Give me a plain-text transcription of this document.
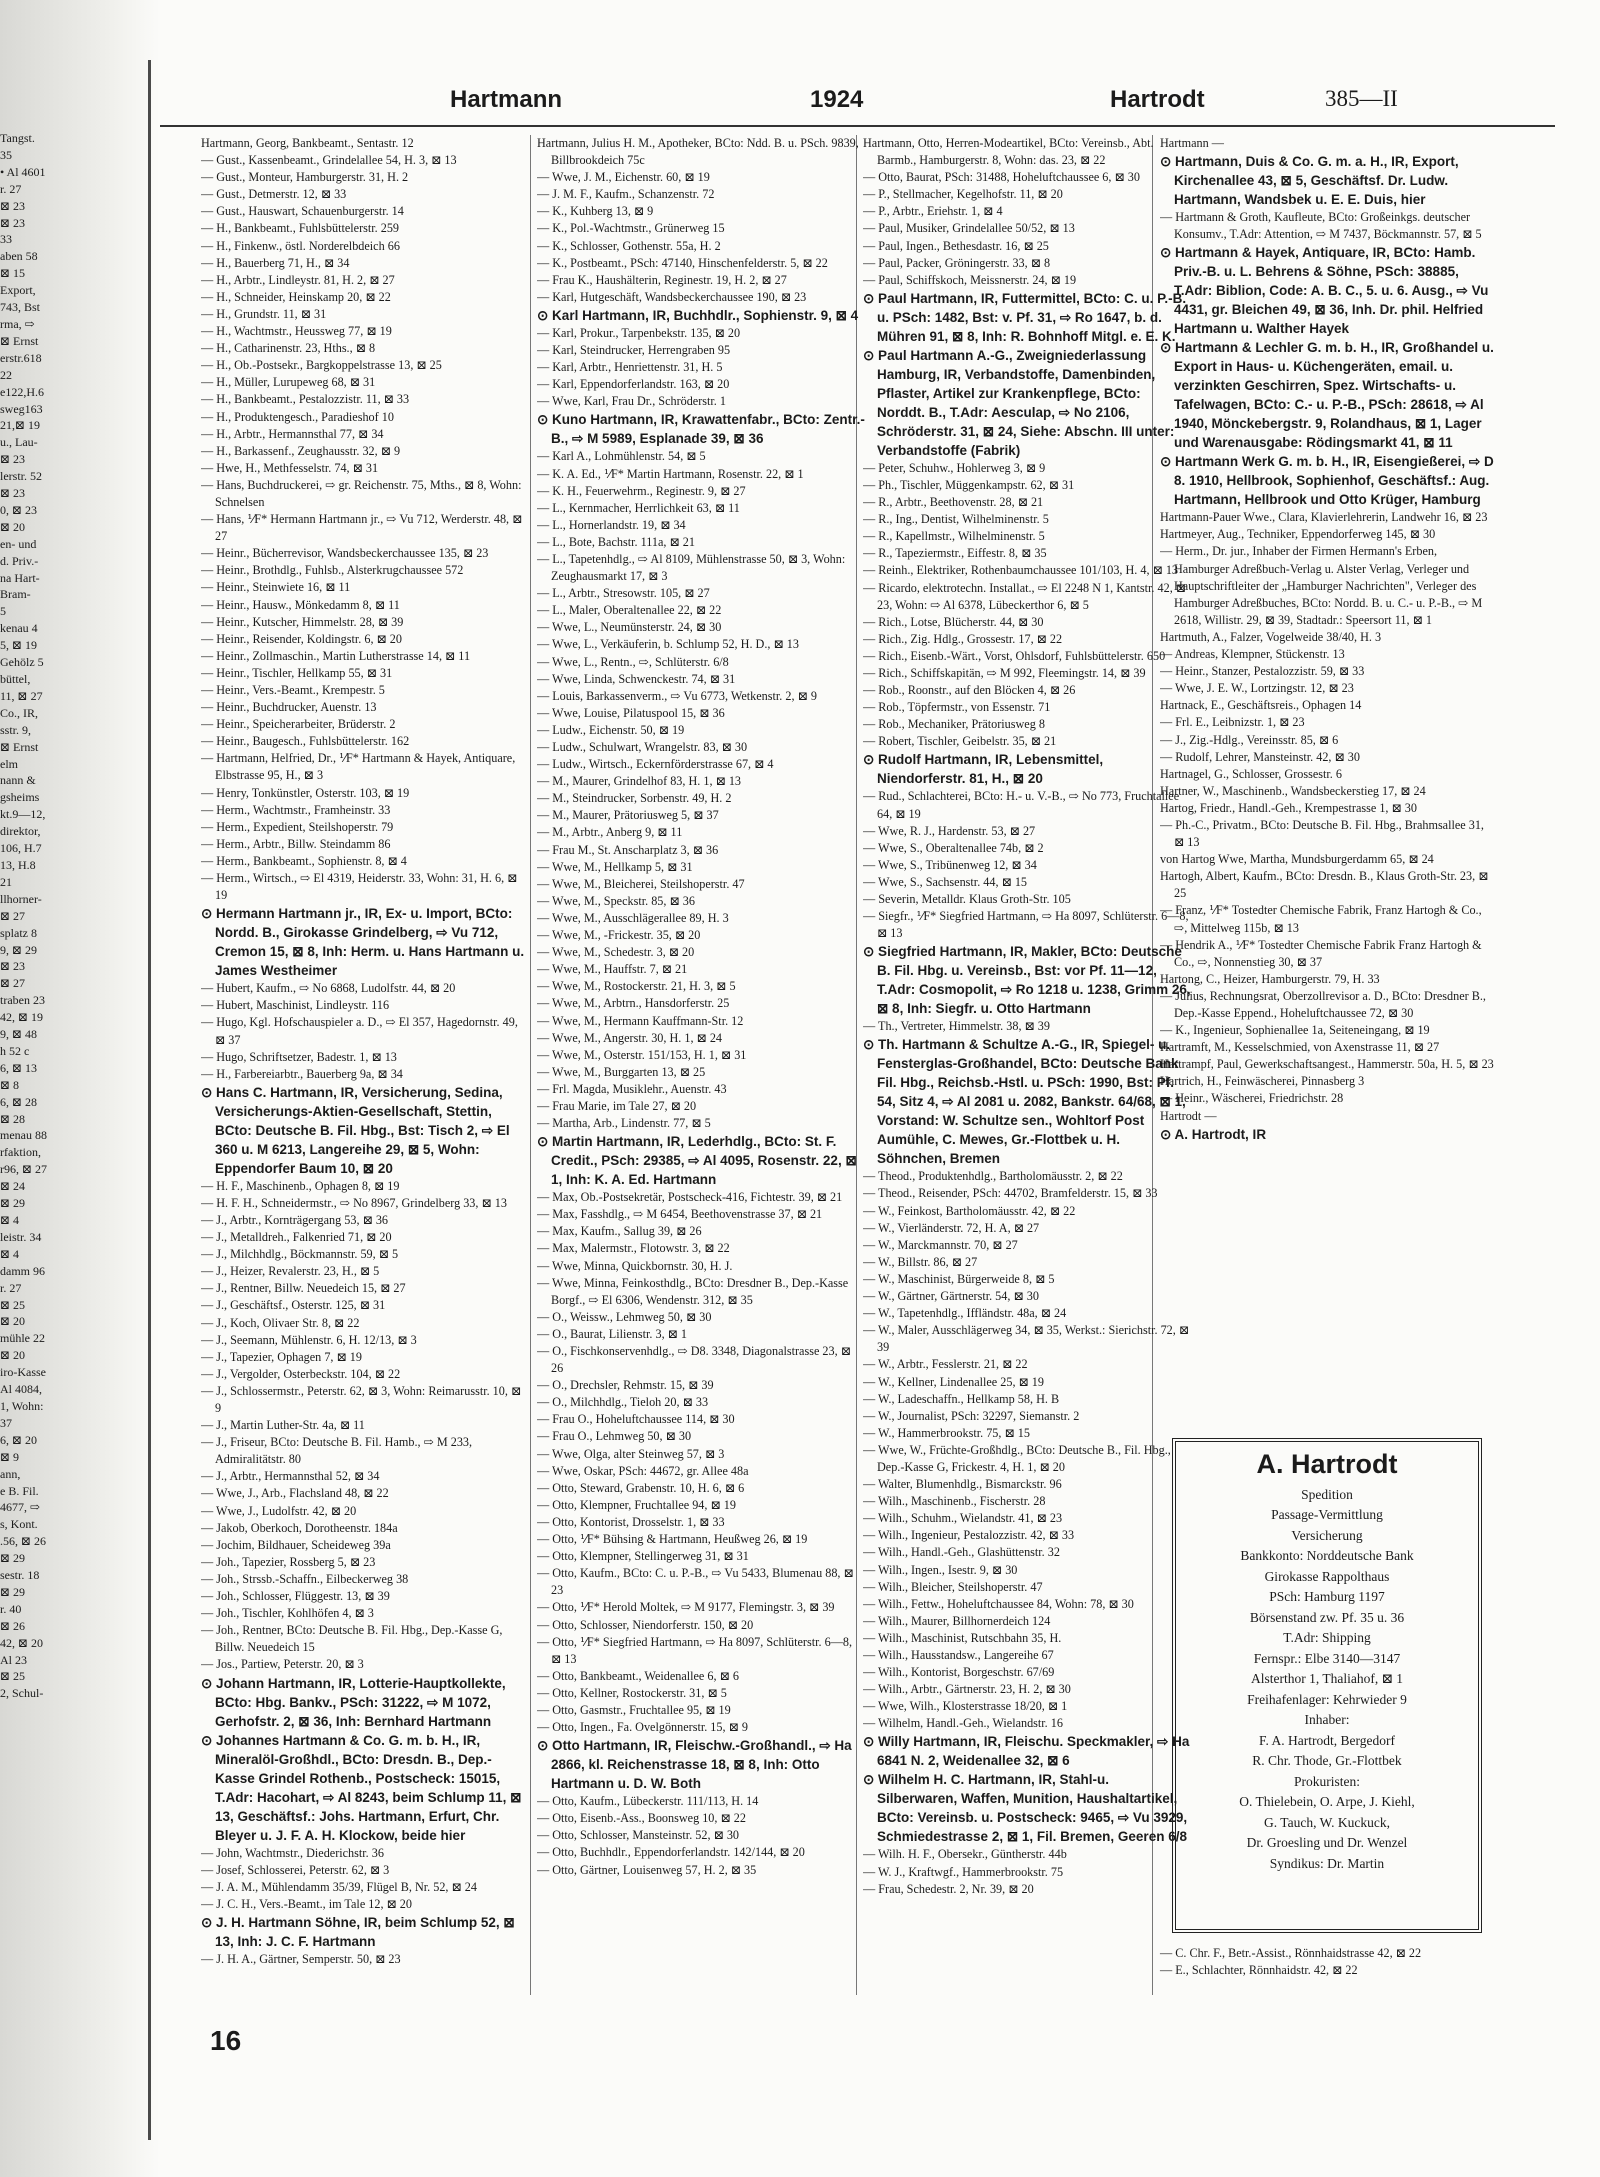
Tangst.
35
• Al 4601
r. 27
⊠ 23
⊠ 23
33
aben 58
⊠ 15
Export,
743, Bst
rma, ⇨
⊠ Ernst
erstr.618
22
e122,H.6
sweg163
21,⊠ 19
u., Lau-
⊠ 23
lerstr. 52
⊠ 23
0, ⊠ 23
⊠ 20
en- und
d. Priv.-
na Hart-
Bram-
5
kenau 4
5, ⊠ 19
Gehölz 5
büttel,
11, ⊠ 27
Co., IR,
sstr. 9,
⊠ Ernst
elm
nann &
gsheims
kt.9—12,
direktor,
106, H.7
13, H.8
21
llhorner-
⊠ 27
splatz 8
9, ⊠ 29
⊠ 23
⊠ 27
traben 23
42, ⊠ 19
9, ⊠ 48
h 52 c
6, ⊠ 13
⊠ 8
6, ⊠ 28
⊠ 28
menau 88
rfaktion,
r96, ⊠ 27
⊠ 24
⊠ 29
⊠ 4
leistr. 34
⊠ 4
damm 96
r. 27
⊠ 25
⊠ 20
mühle 22
⊠ 20
iro-Kasse
Al 4084,
1, Wohn:
37
6, ⊠ 20
⊠ 9
ann,
e B. Fil.
4677, ⇨
s, Kont.
.56, ⊠ 26
⊠ 29
sestr. 18
⊠ 29
r. 40
⊠ 26
42, ⊠ 20
Al 23
⊠ 25
2, Schul-
Hartmann	1924	Hartrodt	385—II

Hartmann, Georg, Bankbeamt., Sentastr. 12

— Gust., Kassenbeamt., Grindelallee 54, H. 3, ⊠ 13

— Gust., Monteur, Hamburgerstr. 31, H. 2

— Gust., Detmerstr. 12, ⊠ 33

— Gust., Hauswart, Schauenburgerstr. 14

— H., Bankbeamt., Fuhlsbüttelerstr. 259

— H., Finkenw., östl. Norderelbdeich 66

— H., Bauerberg 71, H., ⊠ 34

— H., Arbtr., Lindleystr. 81, H. 2, ⊠ 27

— H., Schneider, Heinskamp 20, ⊠ 22

— H., Grundstr. 11, ⊠ 31

— H., Wachtmstr., Heussweg 77, ⊠ 19

— H., Catharinenstr. 23, Hths., ⊠ 8

— H., Ob.-Postsekr., Bargkoppelstrasse 13, ⊠ 25

— H., Müller, Lurupeweg 68, ⊠ 31

— H., Bankbeamt., Pestalozzistr. 11, ⊠ 33

— H., Produktengesch., Paradieshof 10

— H., Arbtr., Hermannsthal 77, ⊠ 34

— H., Barkassenf., Zeughausstr. 32, ⊠ 9

— Hwe, H., Methfesselstr. 74, ⊠ 31

— Hans, Buchdruckerei, ⇨ gr. Reichenstr. 75, Mths., ⊠ 8, Wohn: Schnelsen

— Hans, ⅟F* Hermann Hartmann jr., ⇨ Vu 712, Werderstr. 48, ⊠ 27

— Heinr., Bücherrevisor, Wandsbeckerchaussee 135, ⊠ 23

— Heinr., Brothdlg., Fuhlsb., Alsterkrugchaussee 572

— Heinr., Steinwiete 16, ⊠ 11

— Heinr., Hausw., Mönkedamm 8, ⊠ 11

— Heinr., Kutscher, Himmelstr. 28, ⊠ 39

— Heinr., Reisender, Koldingstr. 6, ⊠ 20

— Heinr., Zollmaschin., Martin Lutherstrasse 14, ⊠ 11

— Heinr., Tischler, Hellkamp 55, ⊠ 31

— Heinr., Vers.-Beamt., Krempestr. 5

— Heinr., Buchdrucker, Auenstr. 13

— Heinr., Speicherarbeiter, Brüderstr. 2

— Heinr., Baugesch., Fuhlsbüttelerstr. 162

— Hartmann, Helfried, Dr., ⅟F* Hartmann & Hayek, Antiquare, Elbstrasse 95, H., ⊠ 3

— Henry, Tonkünstler, Osterstr. 103, ⊠ 19

— Herm., Wachtmstr., Framheinstr. 33

— Herm., Expedient, Steilshoperstr. 79

— Herm., Arbtr., Billw. Steindamm 86

— Herm., Bankbeamt., Sophienstr. 8, ⊠ 4

— Herm., Wirtsch., ⇨ El 4319, Heiderstr. 33, Wohn: 31, H. 6, ⊠ 19

⊙ Hermann Hartmann jr., IR, Ex- u. Import, BCto: Nordd. B., Girokasse Grindelberg, ⇨ Vu 712, Cremon 15, ⊠ 8, Inh: Herm. u. Hans Hartmann u. James Westheimer

— Hubert, Kaufm., ⇨ No 6868, Ludolfstr. 44, ⊠ 20

— Hubert, Maschinist, Lindleystr. 116

— Hugo, Kgl. Hofschauspieler a. D., ⇨ El 357, Hagedornstr. 49, ⊠ 37

— Hugo, Schriftsetzer, Badestr. 1, ⊠ 13

— H., Farbereiarbtr., Bauerberg 9a, ⊠ 34

⊙ Hans C. Hartmann, IR, Versicherung, Sedina, Versicherungs-Aktien-Gesellschaft, Stettin, BCto: Deutsche B. Fil. Hbg., Bst: Tisch 2, ⇨ El 360 u. M 6213, Langereihe 29, ⊠ 5, Wohn: Eppendorfer Baum 10, ⊠ 20

— H. F., Maschinenb., Ophagen 8, ⊠ 19

— H. F. H., Schneidermstr., ⇨ No 8967, Grindelberg 33, ⊠ 13

— J., Arbtr., Kornträgergang 53, ⊠ 36

— J., Metalldreh., Falkenried 71, ⊠ 20

— J., Milchhdlg., Böckmannstr. 59, ⊠ 5

— J., Heizer, Revalerstr. 23, H., ⊠ 5

— J., Rentner, Billw. Neuedeich 15, ⊠ 27

— J., Geschäftsf., Osterstr. 125, ⊠ 31

— J., Koch, Olivaer Str. 8, ⊠ 22

— J., Seemann, Mühlenstr. 6, H. 12/13, ⊠ 3

— J., Tapezier, Ophagen 7, ⊠ 19

— J., Vergolder, Osterbeckstr. 104, ⊠ 22

— J., Schlossermstr., Peterstr. 62, ⊠ 3, Wohn: Reimarusstr. 10, ⊠ 9

— J., Martin Luther-Str. 4a, ⊠ 11

— J., Friseur, BCto: Deutsche B. Fil. Hamb., ⇨ M 233, Admiralitätstr. 80

— J., Arbtr., Hermannsthal 52, ⊠ 34

— Wwe, J., Arb., Flachsland 48, ⊠ 22

— Wwe, J., Ludolfstr. 42, ⊠ 20

— Jakob, Oberkoch, Dorotheenstr. 184a

— Jochim, Bildhauer, Scheideweg 39a

— Joh., Tapezier, Rossberg 5, ⊠ 23

— Joh., Strssb.-Schaffn., Eilbeckerweg 38

— Joh., Schlosser, Flüggestr. 13, ⊠ 39

— Joh., Tischler, Kohlhöfen 4, ⊠ 3

— Joh., Rentner, BCto: Deutsche B. Fil. Hbg., Dep.-Kasse G, Billw. Neuedeich 15

— Jos., Partiew, Peterstr. 20, ⊠ 3

⊙ Johann Hartmann, IR, Lotterie-Hauptkollekte, BCto: Hbg. Bankv., PSch: 31222, ⇨ M 1072, Gerhofstr. 2, ⊠ 36, Inh: Bernhard Hartmann

⊙ Johannes Hartmann & Co. G. m. b. H., IR, Mineralöl-Großhdl., BCto: Dresdn. B., Dep.-Kasse Grindel Rothenb., Postscheck: 15015, T.Adr: Hacohart, ⇨ Al 8243, beim Schlump 11, ⊠ 13, Geschäftsf.: Johs. Hartmann, Erfurt, Chr. Bleyer u. J. F. A. H. Klockow, beide hier

— John, Wachtmstr., Diederichstr. 36

— Josef, Schlosserei, Peterstr. 62, ⊠ 3

— J. A. M., Mühlendamm 35/39, Flügel B, Nr. 52, ⊠ 24

— J. C. H., Vers.-Beamt., im Tale 12, ⊠ 20

⊙ J. H. Hartmann Söhne, IR, beim Schlump 52, ⊠ 13, Inh: J. C. F. Hartmann

— J. H. A., Gärtner, Semperstr. 50, ⊠ 23

Hartmann, Julius H. M., Apotheker, BCto: Ndd. B. u. PSch. 9839, Billbrookdeich 75c

— Wwe, J. M., Eichenstr. 60, ⊠ 19

— J. M. F., Kaufm., Schanzenstr. 72

— K., Kuhberg 13, ⊠ 9

— K., Pol.-Wachtmstr., Grünerweg 15

— K., Schlosser, Gothenstr. 55a, H. 2

— K., Postbeamt., PSch: 47140, Hinschenfelderstr. 5, ⊠ 22

— Frau K., Haushälterin, Reginestr. 19, H. 2, ⊠ 27

— Karl, Hutgeschäft, Wandsbeckerchaussee 190, ⊠ 23

⊙ Karl Hartmann, IR, Buchhdlr., Sophienstr. 9, ⊠ 4

— Karl, Prokur., Tarpenbekstr. 135, ⊠ 20

— Karl, Steindrucker, Herrengraben 95

— Karl, Arbtr., Henriettenstr. 31, H. 5

— Karl, Eppendorferlandstr. 163, ⊠ 20

— Wwe, Karl, Frau Dr., Schröderstr. 1

⊙ Kuno Hartmann, IR, Krawattenfabr., BCto: Zentr.-B., ⇨ M 5989, Esplanade 39, ⊠ 36

— Karl A., Lohmühlenstr. 54, ⊠ 5

— K. A. Ed., ⅟F* Martin Hartmann, Rosenstr. 22, ⊠ 1

— K. H., Feuerwehrm., Reginestr. 9, ⊠ 27

— L., Kernmacher, Herrlichkeit 63, ⊠ 11

— L., Hornerlandstr. 19, ⊠ 34

— L., Bote, Bachstr. 111a, ⊠ 21

— L., Tapetenhdlg., ⇨ Al 8109, Mühlenstrasse 50, ⊠ 3, Wohn: Zeughausmarkt 17, ⊠ 3

— L., Arbtr., Stresowstr. 105, ⊠ 27

— L., Maler, Oberaltenallee 22, ⊠ 22

— Wwe, L., Neumünsterstr. 24, ⊠ 30

— Wwe, L., Verkäuferin, b. Schlump 52, H. D., ⊠ 13

— Wwe, L., Rentn., ⇨, Schlüterstr. 6/8

— Wwe, Linda, Schwenckestr. 74, ⊠ 31

— Louis, Barkassenverm., ⇨ Vu 6773, Wetkenstr. 2, ⊠ 9

— Wwe, Louise, Pilatuspool 15, ⊠ 36

— Ludw., Eichenstr. 50, ⊠ 19

— Ludw., Schulwart, Wrangelstr. 83, ⊠ 30

— Ludw., Wirtsch., Eckernförderstrasse 67, ⊠ 4

— M., Maurer, Grindelhof 83, H. 1, ⊠ 13

— M., Steindrucker, Sorbenstr. 49, H. 2

— M., Maurer, Prätoriusweg 5, ⊠ 37

— M., Arbtr., Anberg 9, ⊠ 11

— Frau M., St. Anscharplatz 3, ⊠ 36

— Wwe, M., Hellkamp 5, ⊠ 31

— Wwe, M., Bleicherei, Steilshoperstr. 47

— Wwe, M., Speckstr. 85, ⊠ 36

— Wwe, M., Ausschlägerallee 89, H. 3

— Wwe, M., -Frickestr. 35, ⊠ 20

— Wwe, M., Schedestr. 3, ⊠ 20

— Wwe, M., Hauffstr. 7, ⊠ 21

— Wwe, M., Rostockerstr. 21, H. 3, ⊠ 5

— Wwe, M., Arbtrn., Hansdorferstr. 25

— Wwe, M., Hermann Kauffmann-Str. 12

— Wwe, M., Angerstr. 30, H. 1, ⊠ 24

— Wwe, M., Osterstr. 151/153, H. 1, ⊠ 31

— Wwe, M., Burggarten 13, ⊠ 25

— Frl. Magda, Musiklehr., Auenstr. 43

— Frau Marie, im Tale 27, ⊠ 20

— Martha, Arb., Lindenstr. 77, ⊠ 5

⊙ Martin Hartmann, IR, Lederhdlg., BCto: St. F. Credit., PSch: 29385, ⇨ Al 4095, Rosenstr. 22, ⊠ 1, Inh: K. A. Ed. Hartmann

— Max, Ob.-Postsekretär, Postscheck-416, Fichtestr. 39, ⊠ 21

— Max, Fasshdlg., ⇨ M 6454, Beethovenstrasse 37, ⊠ 21

— Max, Kaufm., Sallug 39, ⊠ 26

— Max, Malermstr., Flotowstr. 3, ⊠ 22

— Wwe, Minna, Quickbornstr. 30, H. J.

— Wwe, Minna, Feinkosthdlg., BCto: Dresdner B., Dep.-Kasse Borgf., ⇨ El 6306, Wendenstr. 312, ⊠ 35

— O., Weissw., Lehmweg 50, ⊠ 30

— O., Baurat, Lilienstr. 3, ⊠ 1

— O., Fischkonservenhdlg., ⇨ D8. 3348, Diagonalstrasse 23, ⊠ 26

— O., Drechsler, Rehmstr. 15, ⊠ 39

— O., Milchhdlg., Tieloh 20, ⊠ 33

— Frau O., Hoheluftchaussee 114, ⊠ 30

— Frau O., Lehmweg 50, ⊠ 30

— Wwe, Olga, alter Steinweg 57, ⊠ 3

— Wwe, Oskar, PSch: 44672, gr. Allee 48a

— Otto, Steward, Grabenstr. 10, H. 6, ⊠ 6

— Otto, Klempner, Fruchtallee 94, ⊠ 19

— Otto, Kontorist, Drosselstr. 1, ⊠ 33

— Otto, ⅟F* Bühsing & Hartmann, Heußweg 26, ⊠ 19

— Otto, Klempner, Stellingerweg 31, ⊠ 31

— Otto, Kaufm., BCto: C. u. P.-B., ⇨ Vu 5433, Blumenau 88, ⊠ 23

— Otto, ⅟F* Herold Moltek, ⇨ M 9177, Flemingstr. 3, ⊠ 39

— Otto, Schlosser, Niendorferstr. 150, ⊠ 20

— Otto, ⅟F* Siegfried Hartmann, ⇨ Ha 8097, Schlüterstr. 6—8, ⊠ 13

— Otto, Bankbeamt., Weidenallee 6, ⊠ 6

— Otto, Kellner, Rostockerstr. 31, ⊠ 5

— Otto, Gasmstr., Fruchtallee 95, ⊠ 19

— Otto, Ingen., Fa. Ovelgönnerstr. 15, ⊠ 9

⊙ Otto Hartmann, IR, Fleischw.-Großhandl., ⇨ Ha 2866, kl. Reichenstrasse 18, ⊠ 8, Inh: Otto Hartmann u. D. W. Both

— Otto, Kaufm., Lübeckerstr. 111/113, H. 14

— Otto, Eisenb.-Ass., Boonsweg 10, ⊠ 22

— Otto, Schlosser, Mansteinstr. 52, ⊠ 30

— Otto, Buchhdlr., Eppendorferlandstr. 142/144, ⊠ 20

— Otto, Gärtner, Louisenweg 57, H. 2, ⊠ 35

Hartmann, Otto, Herren-Modeartikel, BCto: Vereinsb., Abt. Barmb., Hamburgerstr. 8, Wohn: das. 23, ⊠ 22

— Otto, Baurat, PSch: 31488, Hoheluftchaussee 6, ⊠ 30

— P., Stellmacher, Kegelhofstr. 11, ⊠ 20

— P., Arbtr., Eriehstr. 1, ⊠ 4

— Paul, Musiker, Grindelallee 50/52, ⊠ 13

— Paul, Ingen., Bethesdastr. 16, ⊠ 25

— Paul, Packer, Gröningerstr. 33, ⊠ 8

— Paul, Schiffskoch, Meissnerstr. 24, ⊠ 19

⊙ Paul Hartmann, IR, Futtermittel, BCto: C. u. P.-B. u. PSch: 1482, Bst: v. Pf. 31, ⇨ Ro 1647, b. d. Mühren 91, ⊠ 8, Inh: R. Bohnhoff Mitgl. e. E. K.

⊙ Paul Hartmann A.-G., Zweigniederlassung Hamburg, IR, Verbandstoffe, Damenbinden, Pflaster, Artikel zur Krankenpflege, BCto: Norddt. B., T.Adr: Aesculap, ⇨ No 2106, Schröderstr. 31, ⊠ 24, Siehe: Abschn. III unter: Verbandstoffe (Fabrik)

— Peter, Schuhw., Hohlerweg 3, ⊠ 9

— Ph., Tischler, Müggenkampstr. 62, ⊠ 31

— R., Arbtr., Beethovenstr. 28, ⊠ 21

— R., Ing., Dentist, Wilhelminenstr. 5

— R., Kapellmstr., Wilhelminenstr. 5

— R., Tapeziermstr., Eiffestr. 8, ⊠ 35

— Reinh., Elektriker, Rothenbaumchaussee 101/103, H. 4, ⊠ 13

— Ricardo, elektrotechn. Installat., ⇨ El 2248 N 1, Kantstr. 42, ⊠ 23, Wohn: ⇨ Al 6378, Lübeckerthor 6, ⊠ 5

— Rich., Lotse, Blücherstr. 44, ⊠ 30

— Rich., Zig. Hdlg., Grossestr. 17, ⊠ 22

— Rich., Eisenb.-Wärt., Vorst, Ohlsdorf, Fuhlsbüttelerstr. 650

— Rich., Schiffskapitän, ⇨ M 992, Fleemingstr. 14, ⊠ 39

— Rob., Roonstr., auf den Blöcken 4, ⊠ 26

— Rob., Töpfermstr., von Essenstr. 71

— Rob., Mechaniker, Prätoriusweg 8

— Robert, Tischler, Geibelstr. 35, ⊠ 21

⊙ Rudolf Hartmann, IR, Lebensmittel, Niendorferstr. 81, H., ⊠ 20

— Rud., Schlachterei, BCto: H.- u. V.-B., ⇨ No 773, Fruchtallee 64, ⊠ 19

— Wwe, R. J., Hardenstr. 53, ⊠ 27

— Wwe, S., Oberaltenallee 74b, ⊠ 2

— Wwe, S., Tribünenweg 12, ⊠ 34

— Wwe, S., Sachsenstr. 44, ⊠ 15

— Severin, Metalldr. Klaus Groth-Str. 105

— Siegfr., ⅟F* Siegfried Hartmann, ⇨ Ha 8097, Schlüterstr. 6—8, ⊠ 13

⊙ Siegfried Hartmann, IR, Makler, BCto: Deutsche B. Fil. Hbg. u. Vereinsb., Bst: vor Pf. 11—12, T.Adr: Cosmopolit, ⇨ Ro 1218 u. 1238, Grimm 26, ⊠ 8, Inh: Siegfr. u. Otto Hartmann

— Th., Vertreter, Himmelstr. 38, ⊠ 39

⊙ Th. Hartmann & Schultze A.-G., IR, Spiegel- u. Fensterglas-Großhandel, BCto: Deutsche Bank Fil. Hbg., Reichsb.-Hstl. u. PSch: 1990, Bst: Pf. 54, Sitz 4, ⇨ Al 2081 u. 2082, Bankstr. 64/68, ⊠ 1, Vorstand: W. Schultze sen., Wohltorf Post Aumühle, C. Mewes, Gr.-Flottbek u. H. Söhnchen, Bremen

— Theod., Produktenhdlg., Bartholomäusstr. 2, ⊠ 22

— Theod., Reisender, PSch: 44702, Bramfelderstr. 15, ⊠ 33

— W., Feinkost, Bartholomäusstr. 42, ⊠ 22

— W., Vierländerstr. 72, H. A, ⊠ 27

— W., Marckmannstr. 70, ⊠ 27

— W., Billstr. 86, ⊠ 27

— W., Maschinist, Bürgerweide 8, ⊠ 5

— W., Gärtner, Gärtnerstr. 54, ⊠ 30

— W., Tapetenhdlg., Iffländstr. 48a, ⊠ 24

— W., Maler, Ausschlägerweg 34, ⊠ 35, Werkst.: Sierichstr. 72, ⊠ 39

— W., Arbtr., Fesslerstr. 21, ⊠ 22

— W., Kellner, Lindenallee 25, ⊠ 19

— W., Ladeschaffn., Hellkamp 58, H. B

— W., Journalist, PSch: 32297, Siemanstr. 2

— W., Hammerbrookstr. 75, ⊠ 15

— Wwe, W., Früchte-Großhdlg., BCto: Deutsche B., Fil. Hbg., Dep.-Kasse G, Frickestr. 4, H. 1, ⊠ 20

— Walter, Blumenhdlg., Bismarckstr. 96

— Wilh., Maschinenb., Fischerstr. 28

— Wilh., Schuhm., Wielandstr. 41, ⊠ 23

— Wilh., Ingenieur, Pestalozzistr. 42, ⊠ 33

— Wilh., Handl.-Geh., Glashüttenstr. 32

— Wilh., Ingen., Isestr. 9, ⊠ 30

— Wilh., Bleicher, Steilshoperstr. 47

— Wilh., Fettw., Hoheluftchaussee 84, Wohn: 78, ⊠ 30

— Wilh., Maurer, Billhornerdeich 124

— Wilh., Maschinist, Rutschbahn 35, H.

— Wilh., Hausstandsw., Langereihe 67

— Wilh., Kontorist, Borgeschstr. 67/69

— Wilh., Arbtr., Gärtnerstr. 23, H. 2, ⊠ 30

— Wwe, Wilh., Klosterstrasse 18/20, ⊠ 1

— Wilhelm, Handl.-Geh., Wielandstr. 16

⊙ Willy Hartmann, IR, Fleischu. Speckmakler, ⇨ Ha 6841 N. 2, Weidenallee 32, ⊠ 6

⊙ Wilhelm H. C. Hartmann, IR, Stahl-u. Silberwaren, Waffen, Munition, Haushaltartikel, BCto: Vereinsb. u. Postscheck: 9465, ⇨ Vu 3929, Schmiedestrasse 2, ⊠ 1, Fil. Bremen, Geeren 6/8

— Wilh. H. F., Obersekr., Güntherstr. 44b

— W. J., Kraftwgf., Hammerbrookstr. 75

— Frau, Schedestr. 2, Nr. 39, ⊠ 20

Hartmann —

⊙ Hartmann, Duis & Co. G. m. a. H., IR, Export, Kirchenallee 43, ⊠ 5, Geschäftsf. Dr. Ludw. Hartmann, Wandsbek u. E. E. Duis, hier

— Hartmann & Groth, Kaufleute, BCto: Großeinkgs. deutscher Konsumv., T.Adr: Attention, ⇨ M 7437, Böckmannstr. 57, ⊠ 5

⊙ Hartmann & Hayek, Antiquare, IR, BCto: Hamb. Priv.-B. u. L. Behrens & Söhne, PSch: 38885, T.Adr: Biblion, Code: A. B. C., 5. u. 6. Ausg., ⇨ Vu 4431, gr. Bleichen 49, ⊠ 36, Inh. Dr. phil. Helfried Hartmann u. Walther Hayek

⊙ Hartmann & Lechler G. m. b. H., IR, Großhandel u. Export in Haus- u. Küchengeräten, email. u. verzinkten Geschirren, Spez. Wirtschafts- u. Tafelwagen, BCto: C.- u. P.-B., PSch: 28618, ⇨ Al 1940, Mönckebergstr. 9, Rolandhaus, ⊠ 1, Lager und Warenausgabe: Rödingsmarkt 41, ⊠ 11

⊙ Hartmann Werk G. m. b. H., IR, Eisengießerei, ⇨ D 8. 1910, Hellbrook, Sophienhof, Geschäftsf.: Aug. Hartmann, Hellbrook und Otto Krüger, Hamburg

Hartmann-Pauer Wwe., Clara, Klavierlehrerin, Landwehr 16, ⊠ 23

Hartmeyer, Aug., Techniker, Eppendorferweg 145, ⊠ 30

— Herm., Dr. jur., Inhaber der Firmen Hermann's Erben, Hamburger Adreßbuch-Verlag u. Alster Verlag, Verleger und Hauptschriftleiter der „Hamburger Nachrichten", Verleger des Hamburger Adreßbuches, BCto: Nordd. B. u. C.- u. P.-B., ⇨ M 2618, Willistr. 29, ⊠ 39, Stadtadr.: Speersort 11, ⊠ 1

Hartmuth, A., Falzer, Vogelweide 38/40, H. 3

— Andreas, Klempner, Stückenstr. 13

— Heinr., Stanzer, Pestalozzistr. 59, ⊠ 33

— Wwe, J. E. W., Lortzingstr. 12, ⊠ 23

Hartnack, E., Geschäftsreis., Ophagen 14

— Frl. E., Leibnizstr. 1, ⊠ 23

— J., Zig.-Hdlg., Vereinsstr. 85, ⊠ 6

— Rudolf, Lehrer, Mansteinstr. 42, ⊠ 30

Hartnagel, G., Schlosser, Grossestr. 6

Hartner, W., Maschinenb., Wandsbeckerstieg 17, ⊠ 24

Hartog, Friedr., Handl.-Geh., Krempestrasse 1, ⊠ 30

— Ph.-C., Privatm., BCto: Deutsche B. Fil. Hbg., Brahmsallee 31, ⊠ 13

von Hartog Wwe, Martha, Mundsburgerdamm 65, ⊠ 24

Hartogh, Albert, Kaufm., BCto: Dresdn. B., Klaus Groth-Str. 23, ⊠ 25

— Franz, ⅟F* Tostedter Chemische Fabrik, Franz Hartogh & Co., ⇨, Mittelweg 115b, ⊠ 13

— Hendrik A., ⅟F* Tostedter Chemische Fabrik Franz Hartogh & Co., ⇨, Nonnenstieg 30, ⊠ 37

Hartong, C., Heizer, Hamburgerstr. 79, H. 33

— Julius, Rechnungsrat, Oberzollrevisor a. D., BCto: Dresdner B., Dep.-Kasse Eppend., Hoheluftchaussee 72, ⊠ 30

— K., Ingenieur, Sophienallee 1a, Seiteneingang, ⊠ 19

Hartramft, M., Kesselschmied, von Axenstrasse 11, ⊠ 27

Hartrampf, Paul, Gewerkschaftsangest., Hammerstr. 50a, H. 5, ⊠ 23

Hartrich, H., Feinwäscherei, Pinnasberg 3

— Heinr., Wäscherei, Friedrichstr. 28

Hartrodt —

⊙ A. Hartrodt, IR

A. Hartrodt
Spedition
Passage-Vermittlung
Versicherung
Bankkonto: Norddeutsche Bank
Girokasse Rappolthaus
PSch: Hamburg 1197
Börsenstand zw. Pf. 35 u. 36
T.Adr: Shipping
Fernspr.: Elbe 3140—3147
Alsterthor 1, Thaliahof, ⊠ 1
Freihafenlager: Kehrwieder 9
Inhaber:
F. A. Hartrodt, Bergedorf
R. Chr. Thode, Gr.-Flottbek
Prokuristen:
O. Thielebein, O. Arpe, J. Kiehl,
G. Tauch, W. Kuckuck,
Dr. Groesling und Dr. Wenzel
Syndikus: Dr. Martin

— C. Chr. F., Betr.-Assist., Rönnhaidstrasse 42, ⊠ 22

— E., Schlachter, Rönnhaidstr. 42, ⊠ 22

16
